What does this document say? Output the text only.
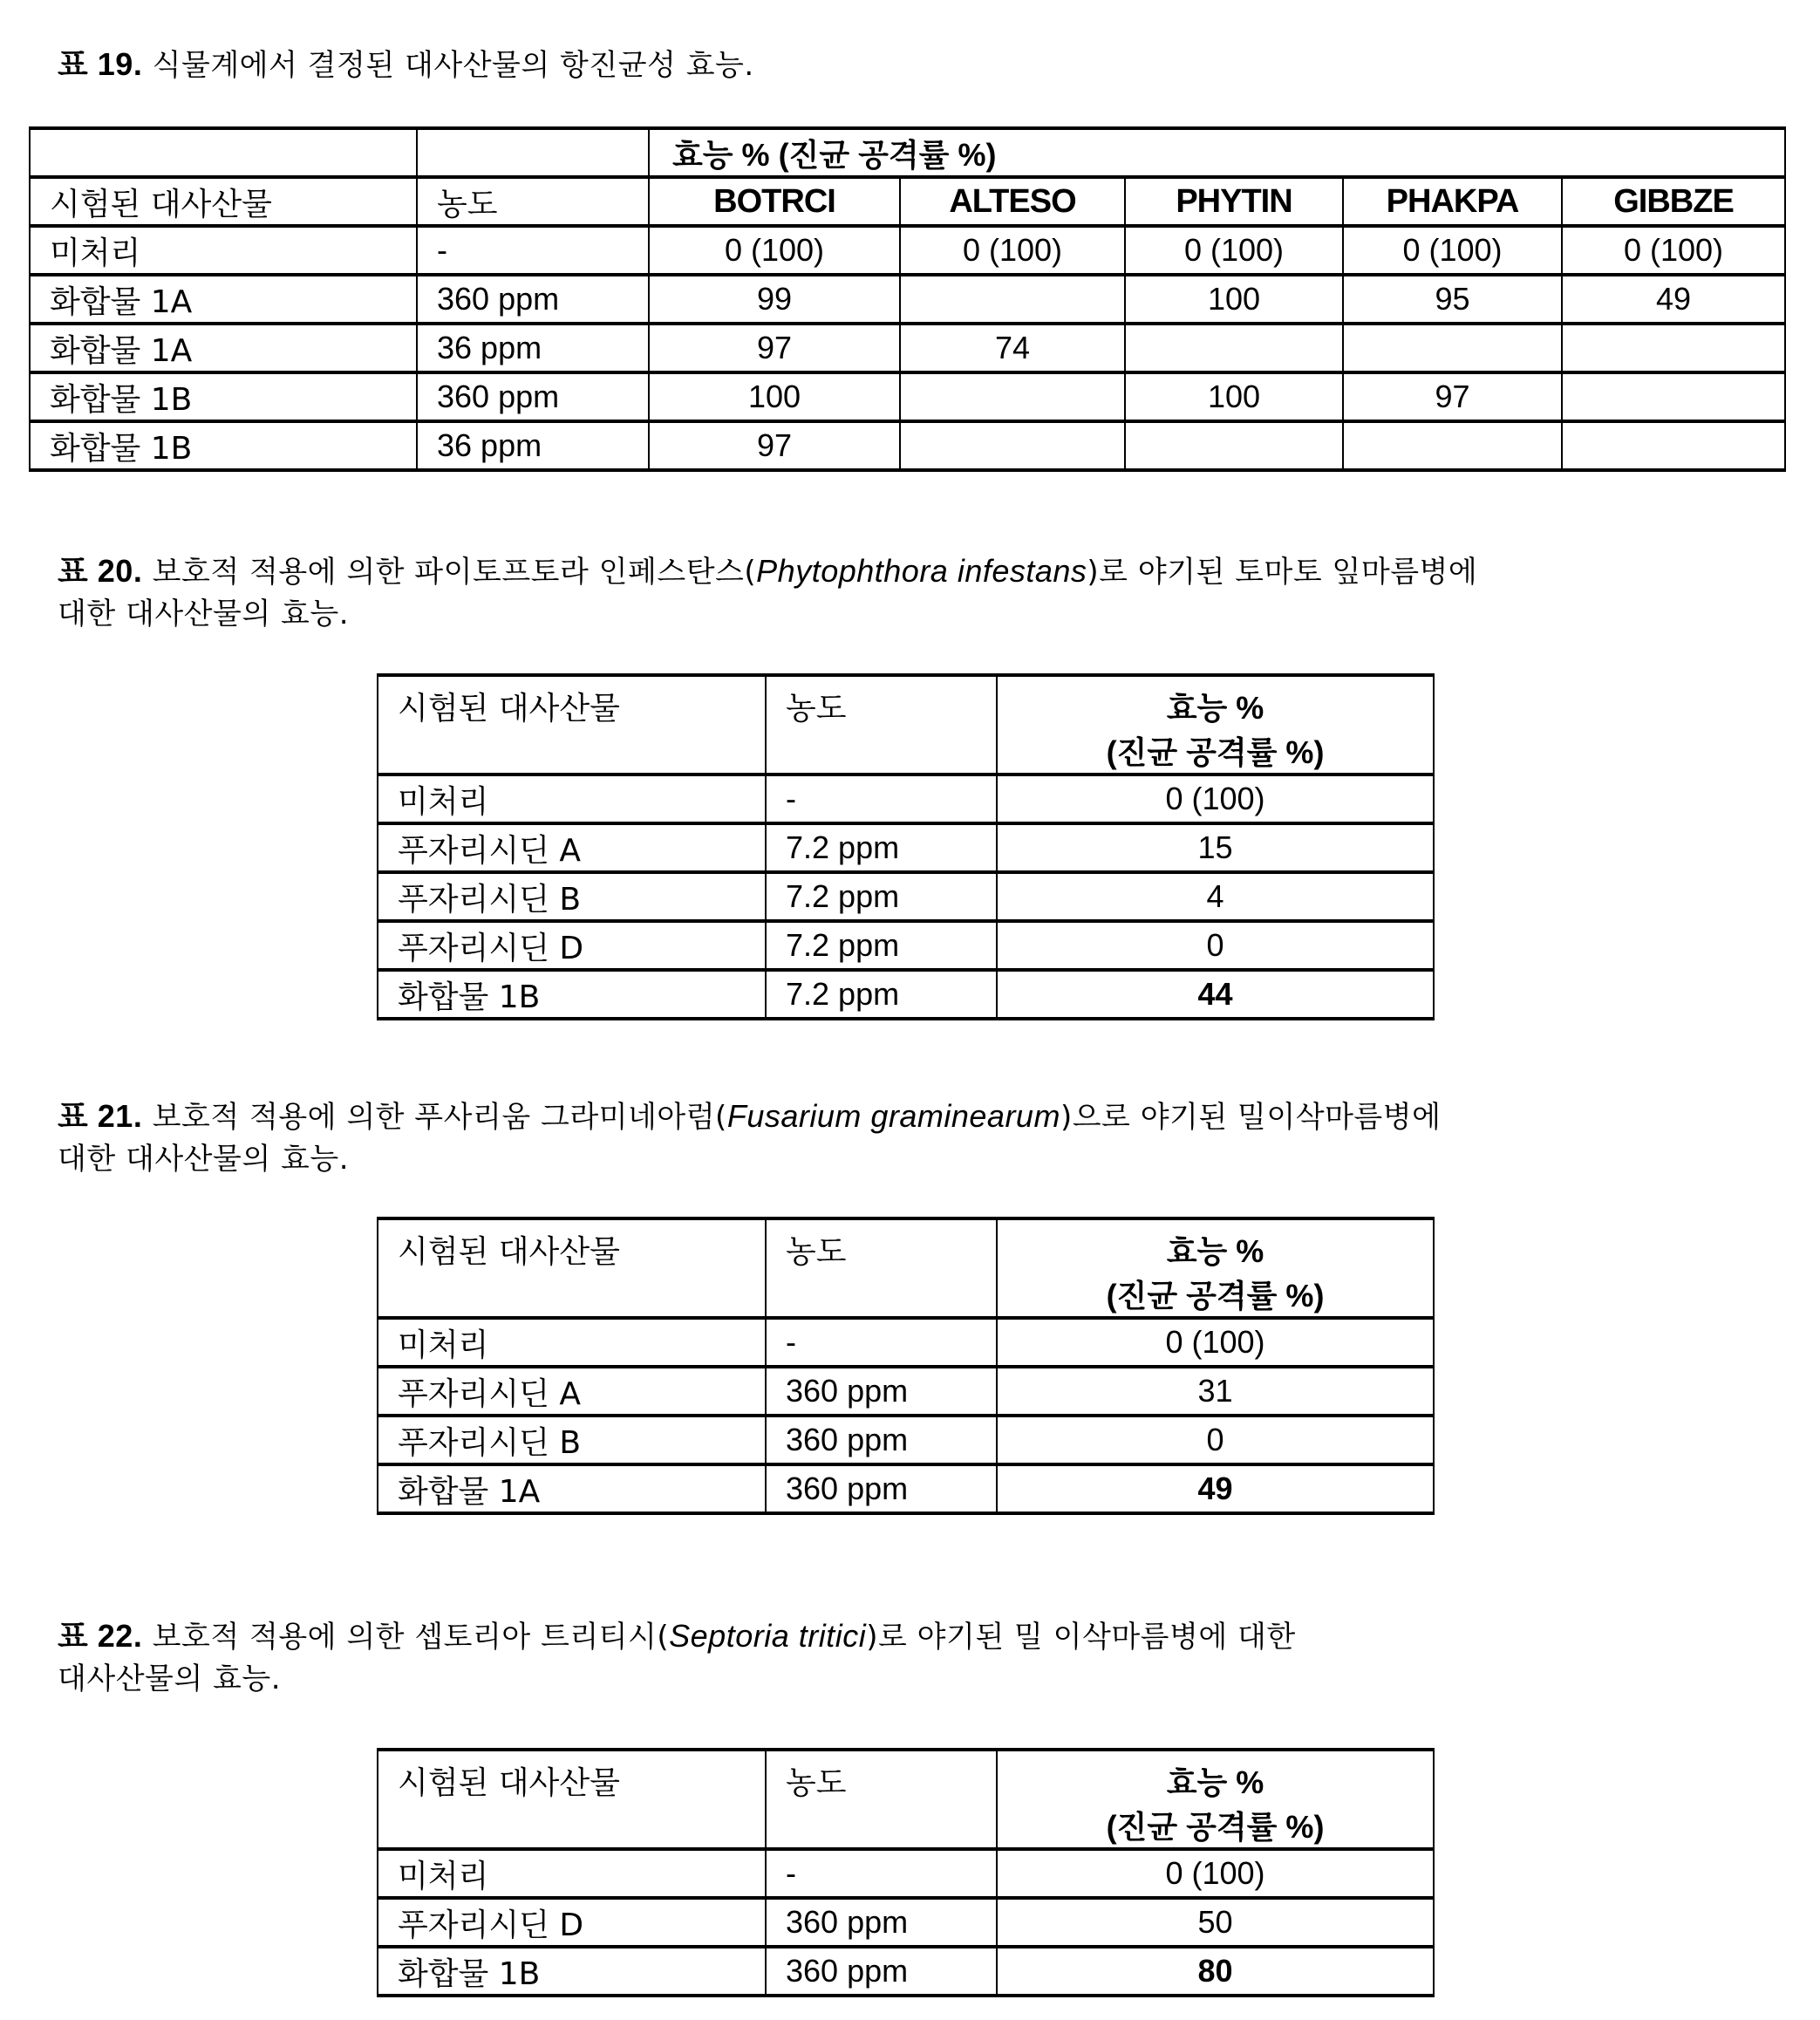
표 19. 식물계에서 결정된 대사산물의 항진균성 효능.
		효능 % (진균 공격률 %)				
시험된 대사산물	농도	BOTRCI	ALTESO	PHYTIN	PHAKPA	GIBBZE
미처리	-	0 (100)	0 (100)	0 (100)	0 (100)	0 (100)
화합물 1A	360 ppm	99		100	95	49
화합물 1A	36 ppm	97	74			
화합물 1B	360 ppm	100		100	97	
화합물 1B	36 ppm	97				
표 20. 보호적 적용에 의한 파이토프토라 인페스탄스(Phytophthora infestans)로 야기된 토마토 잎마름병에
대한 대사산물의 효능.
시험된 대사산물	농도	효능 %
(진균 공격률 %)

미처리	-	0 (100)
푸자리시딘 A	7.2 ppm	15
푸자리시딘 B	7.2 ppm	4
푸자리시딘 D	7.2 ppm	0
화합물 1B	7.2 ppm	44
표 21. 보호적 적용에 의한 푸사리움 그라미네아럼(Fusarium graminearum)으로 야기된 밀이삭마름병에
대한 대사산물의 효능.
시험된 대사산물	농도	효능 %
(진균 공격률 %)

미처리	-	0 (100)
푸자리시딘 A	360 ppm	31
푸자리시딘 B	360 ppm	0
화합물 1A	360 ppm	49
표 22. 보호적 적용에 의한 셉토리아 트리티시(Septoria tritici)로 야기된 밀 이삭마름병에 대한
대사산물의 효능.
시험된 대사산물	농도	효능 %
(진균 공격률 %)

미처리	-	0 (100)
푸자리시딘 D	360 ppm	50
화합물 1B	360 ppm	80
